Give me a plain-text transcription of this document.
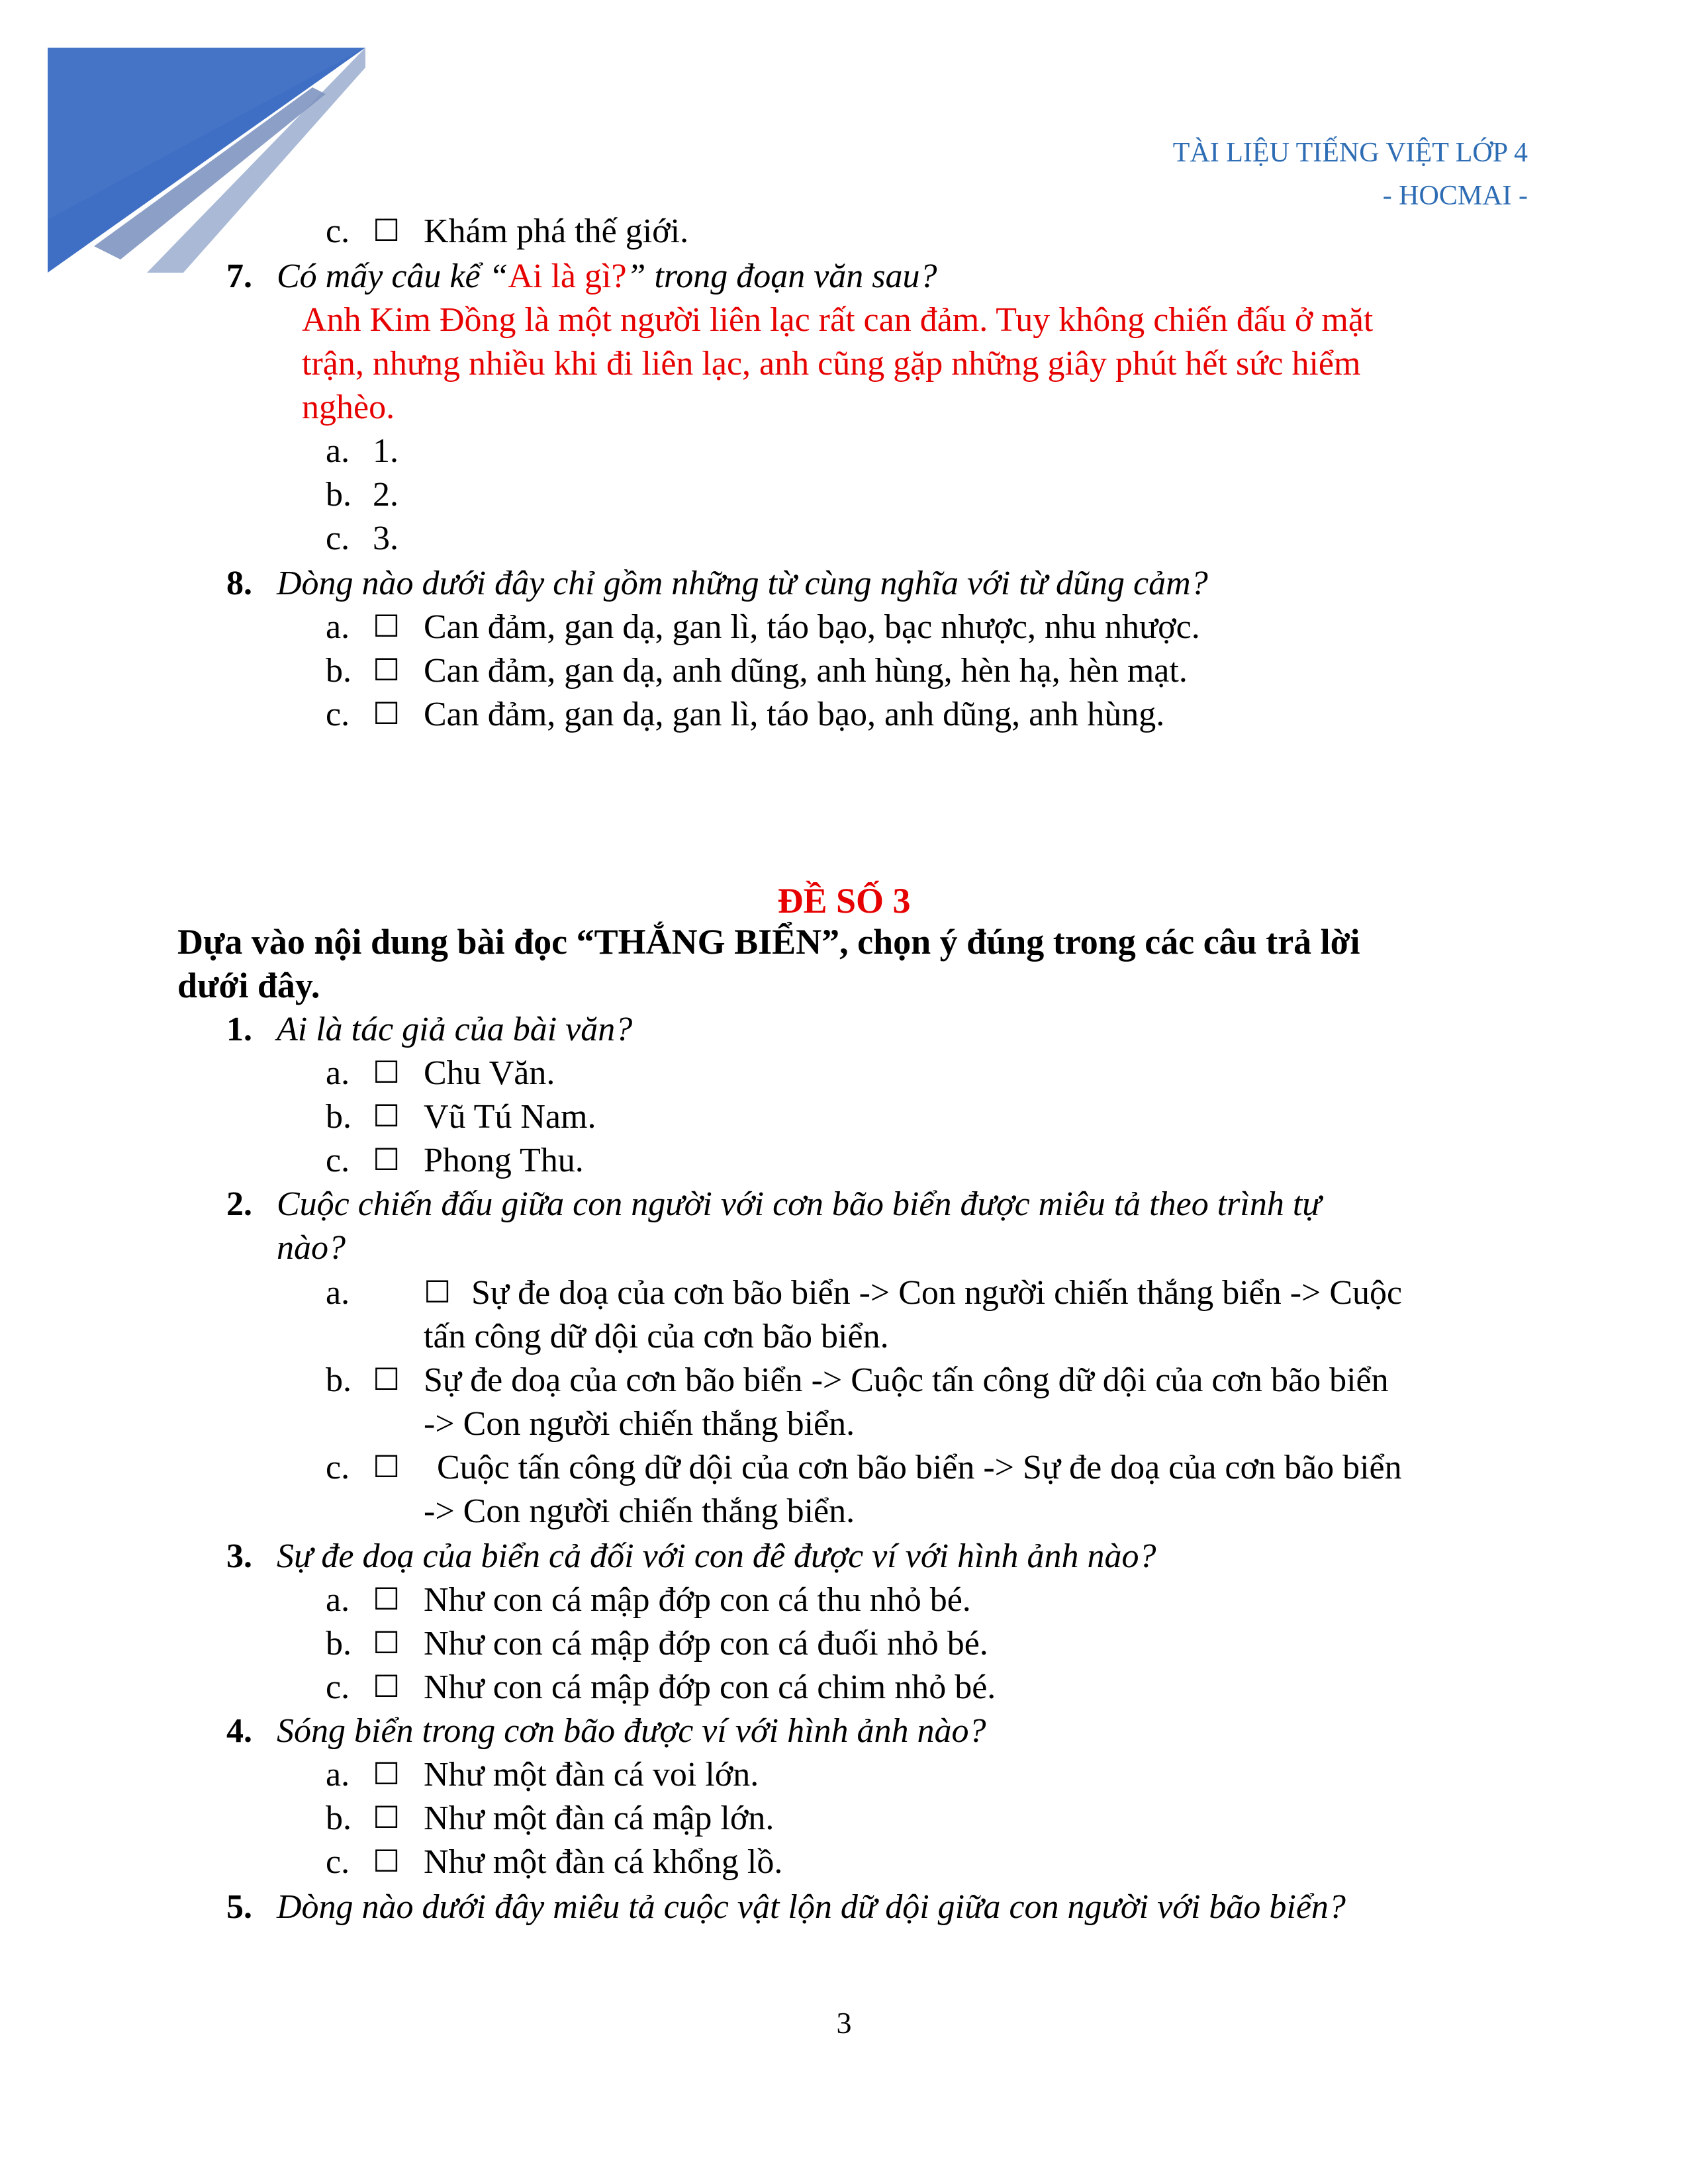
TÀI LIỆU TIẾNG VIỆT LỚP 4
- HOCMAI -
c. ☐ Khám phá thế giới.
7. Có mấy câu kể “Ai là gì?” trong đoạn văn sau?
Anh Kim Đồng là một người liên lạc rất can đảm. Tuy không chiến đấu ở mặt
trận, nhưng nhiều khi đi liên lạc, anh cũng gặp những giây phút hết sức hiểm
nghèo.
a. 1.
b. 2.
c. 3.
8. Dòng nào dưới đây chỉ gồm những từ cùng nghĩa với từ dũng cảm?
a. ☐ Can đảm, gan dạ, gan lì, táo bạo, bạc nhược, nhu nhược.
b. ☐ Can đảm, gan dạ, anh dũng, anh hùng, hèn hạ, hèn mạt.
c. ☐ Can đảm, gan dạ, gan lì, táo bạo, anh dũng, anh hùng.
ĐỀ SỐ 3
Dựa vào nội dung bài đọc “THẮNG BIỂN”, chọn ý đúng trong các câu trả lời
dưới đây.
1. Ai là tác giả của bài văn?
a. ☐ Chu Văn.
b. ☐ Vũ Tú Nam.
c. ☐ Phong Thu.
2. Cuộc chiến đấu giữa con người với cơn bão biển được miêu tả theo trình tự
nào?
a. ☐ Sự đe doạ của cơn bão biển -> Con người chiến thắng biển -> Cuộc
tấn công dữ dội của cơn bão biển.
b. ☐ Sự đe doạ của cơn bão biển -> Cuộc tấn công dữ dội của cơn bão biển
-> Con người chiến thắng biển.
c. ☐ Cuộc tấn công dữ dội của cơn bão biển -> Sự đe doạ của cơn bão biển
-> Con người chiến thắng biển.
3. Sự đe doạ của biển cả đối với con đê được ví với hình ảnh nào?
a. ☐ Như con cá mập đớp con cá thu nhỏ bé.
b. ☐ Như con cá mập đớp con cá đuối nhỏ bé.
c. ☐ Như con cá mập đớp con cá chim nhỏ bé.
4. Sóng biển trong cơn bão được ví với hình ảnh nào?
a. ☐ Như một đàn cá voi lớn.
b. ☐ Như một đàn cá mập lớn.
c. ☐ Như một đàn cá khổng lồ.
5. Dòng nào dưới đây miêu tả cuộc vật lộn dữ dội giữa con người với bão biển?
3
